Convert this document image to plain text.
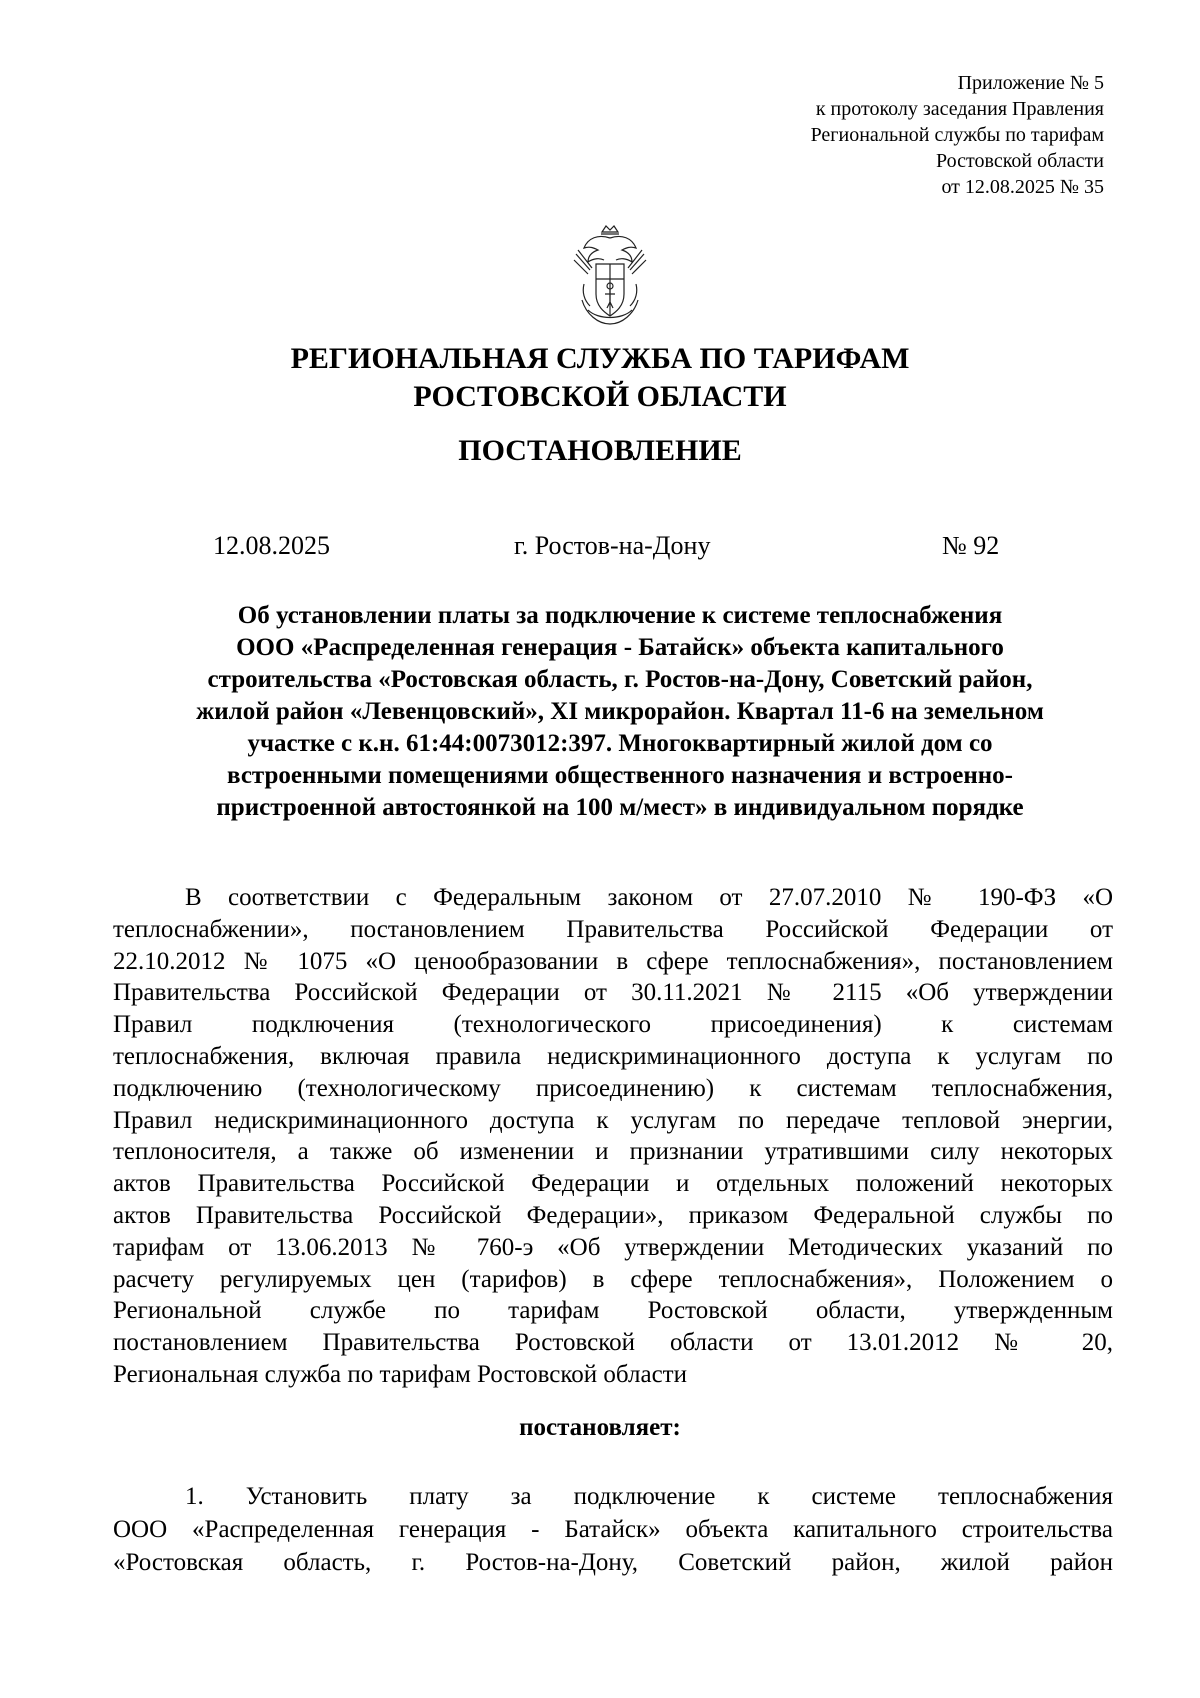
Приложение № 5
к протоколу заседания Правления
Региональной службы по тарифам
Ростовской области
от 12.08.2025 № 35
РЕГИОНАЛЬНАЯ СЛУЖБА ПО ТАРИФАМ
РОСТОВСКОЙ ОБЛАСТИ
ПОСТАНОВЛЕНИЕ
12.08.2025	г. Ростов-на-Дону	№ 92
Об установлении платы за подключение к системе теплоснабжения
ООО «Распределенная генерация - Батайск» объекта капитального
строительства «Ростовская область, г. Ростов-на-Дону, Советский район,
жилой район «Левенцовский», XI микрорайон. Квартал 11-6 на земельном
участке с к.н. 61:44:0073012:397. Многоквартирный жилой дом со
встроенными помещениями общественного назначения и встроенно-
пристроенной автостоянкой на 100 м/мест» в индивидуальном порядке
В соответствии с Федеральным законом от 27.07.2010 № 190-ФЗ «О
теплоснабжении», постановлением Правительства Российской Федерации от
22.10.2012 № 1075 «О ценообразовании в сфере теплоснабжения», постановлением
Правительства Российской Федерации от 30.11.2021 № 2115 «Об утверждении
Правил подключения (технологического присоединения) к системам
теплоснабжения, включая правила недискриминационного доступа к услугам по
подключению (технологическому присоединению) к системам теплоснабжения,
Правил недискриминационного доступа к услугам по передаче тепловой энергии,
теплоносителя, а также об изменении и признании утратившими силу некоторых
актов Правительства Российской Федерации и отдельных положений некоторых
актов Правительства Российской Федерации», приказом Федеральной службы по
тарифам от 13.06.2013 № 760-э «Об утверждении Методических указаний по
расчету регулируемых цен (тарифов) в сфере теплоснабжения», Положением о
Региональной службе по тарифам Ростовской области, утвержденным
постановлением Правительства Ростовской области от 13.01.2012 № 20,
Региональная служба по тарифам Ростовской области
постановляет:
1. Установить плату за подключение к системе теплоснабжения
ООО «Распределенная генерация - Батайск» объекта капитального строительства
«Ростовская область, г. Ростов-на-Дону, Советский район, жилой район
